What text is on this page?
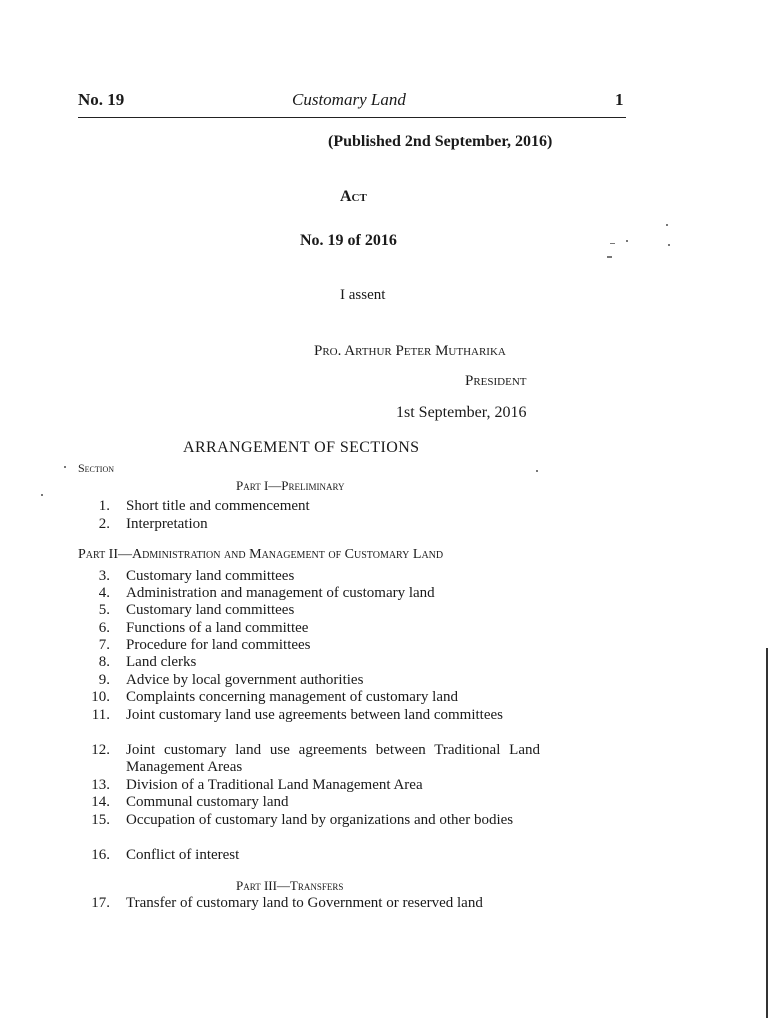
No. 19	Customary Land	1
(Published 2nd September, 2016)
Act
No. 19 of 2016
I assent
Pro. Arthur Peter Mutharika
President
1st September, 2016
ARRANGEMENT OF SECTIONS
Section
Part I—Preliminary
1. Short title and commencement
2. Interpretation
Part II—Administration and Management of Customary Land
3. Customary land committees
4. Administration and management of customary land
5. Customary land committees
6. Functions of a land committee
7. Procedure for land committees
8. Land clerks
9. Advice by local government authorities
10. Complaints concerning management of customary land
11. Joint customary land use agreements between land committees
12. Joint customary land use agreements between Traditional Land Management Areas
13. Division of a Traditional Land Management Area
14. Communal customary land
15. Occupation of customary land by organizations and other bodies
16. Conflict of interest
Part III—Transfers
17. Transfer of customary land to Government or reserved land
